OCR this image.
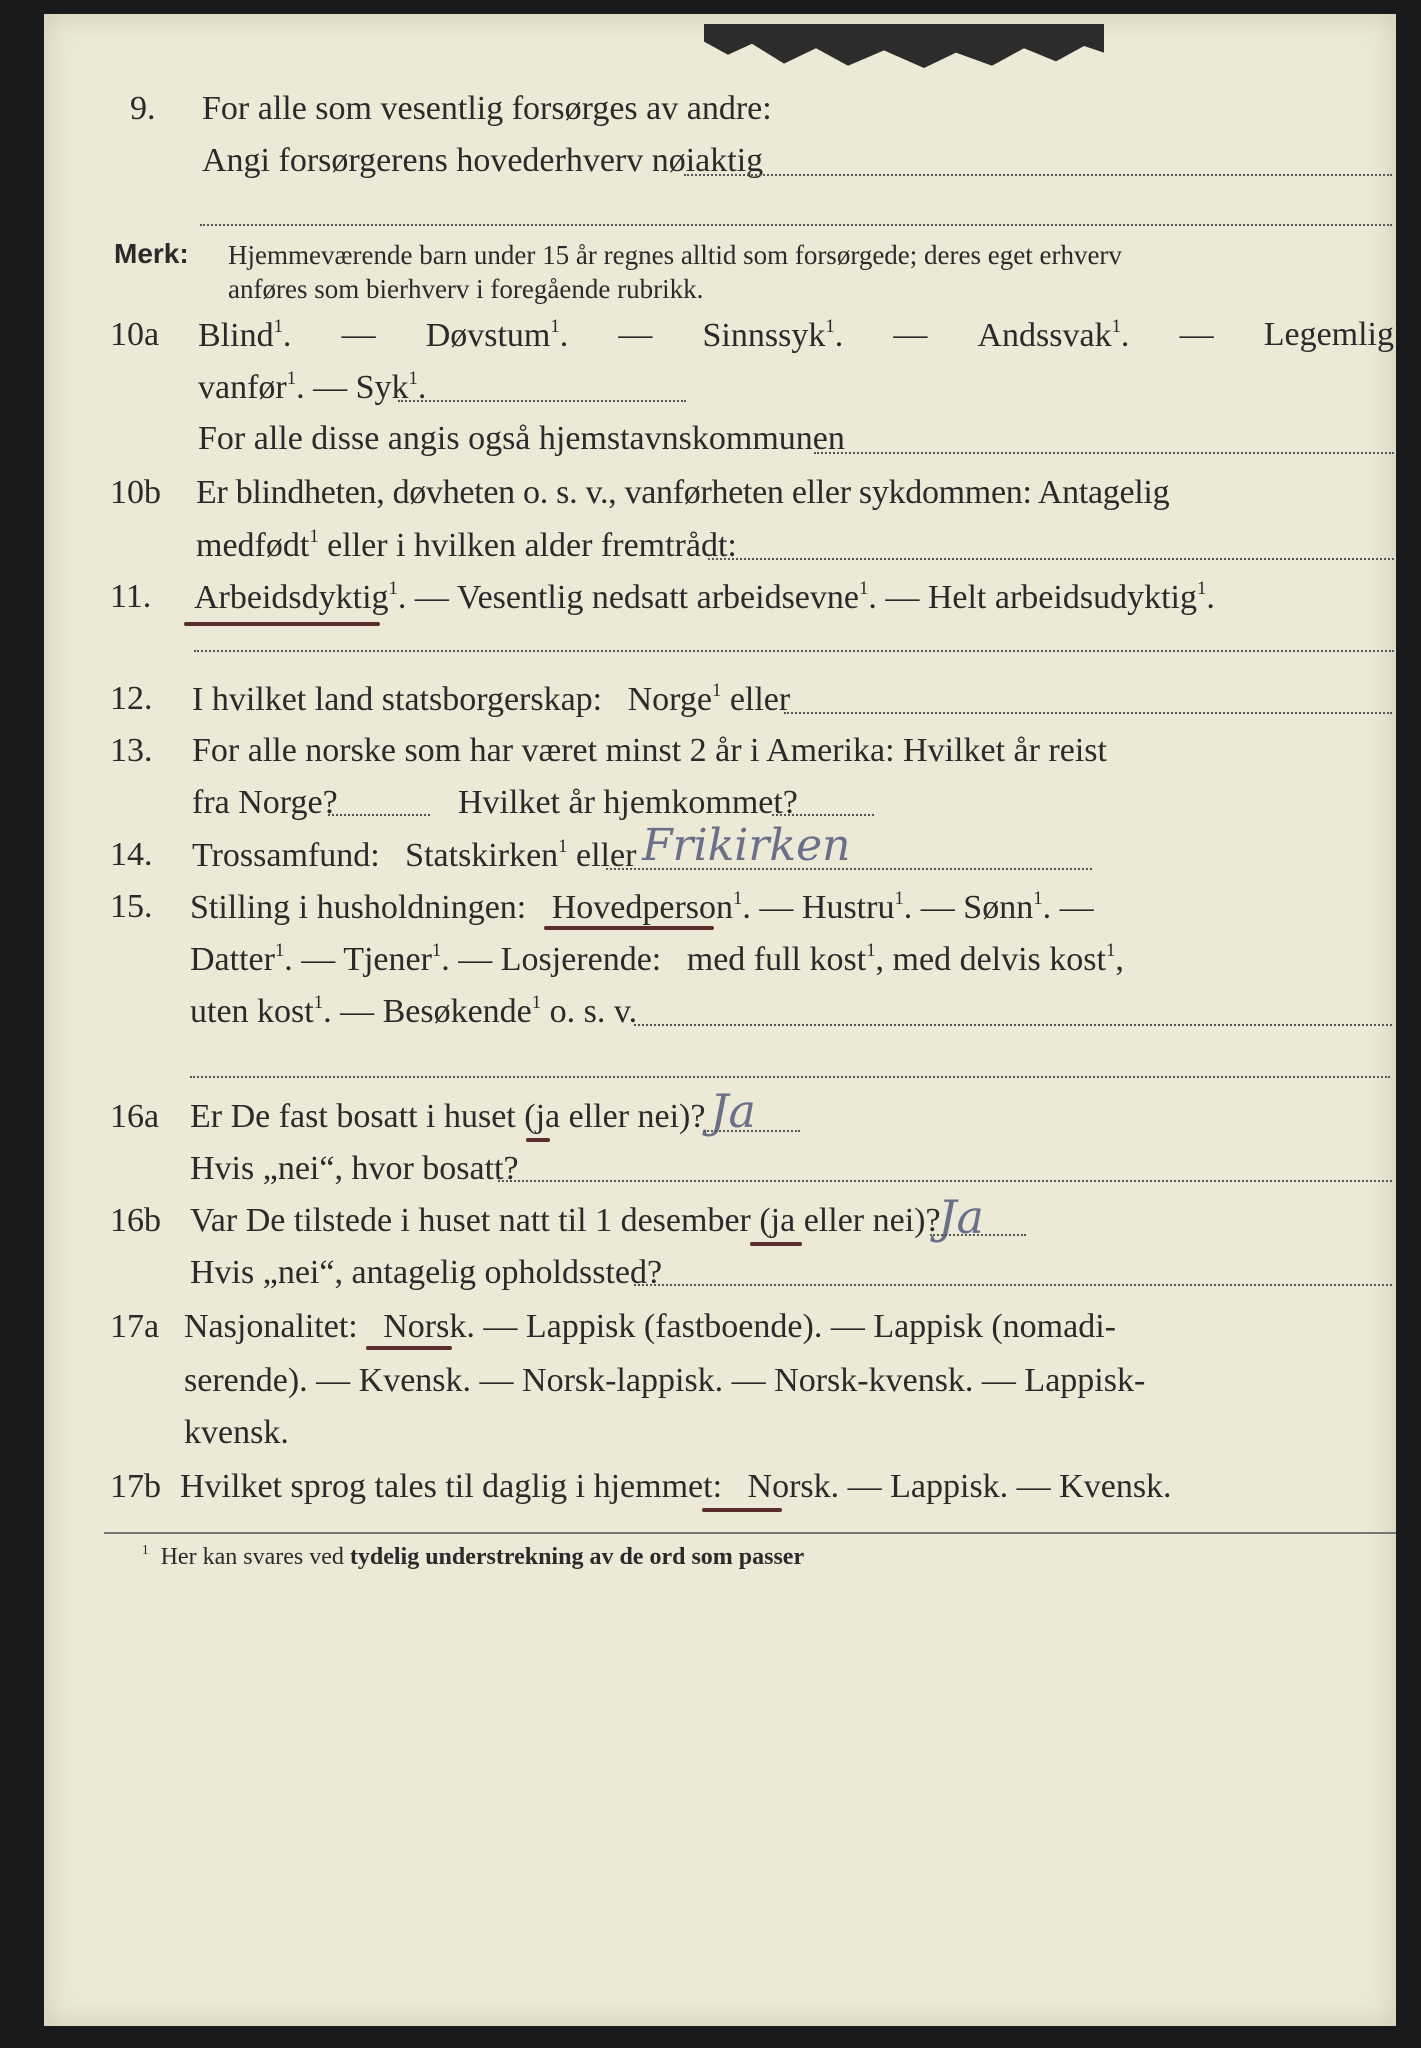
9. For alle som vesentlig forsørges av andre:
Angi forsørgerens hovederhverv nøiaktig
Merk: Hjemmeværende barn under 15 år regnes alltid som forsørgede; deres eget erhverv
anføres som bierhverv i foregående rubrikk.
10a Blind$^1$. — Døvstum$^1$. — Sinnssyk$^1$. — Andssvak$^1$. — Legemlig
vanfør$^1$. — Syk$^1$.
For alle disse angis også hjemstavnskommunen
10b Er blindheten, døvheten o. s. v., vanførheten eller sykdommen: Antagelig
medfødt$^1$ eller i hvilken alder fremtrådt:
11. Arbeidsdyktig$^1$. — Vesentlig nedsatt arbeidsevne$^1$. — Helt arbeidsudyktig$^1$.
12. I hvilket land statsborgerskap: Norge$^1$ eller
13. For alle norske som har været minst 2 år i Amerika: Hvilket år reist
fra Norge?	Hvilket år hjemkommet?
14. Trossamfund: Statskirken$^1$ eller Frikirken
15. Stilling i husholdningen: Hovedperson$^1$. — Hustru$^1$. — Sønn$^1$. —
Datter$^1$. — Tjener$^1$. — Losjerende: med full kost$^1$, med delvis kost$^1$,
uten kost$^1$. — Besøkende$^1$ o. s. v.
16a Er De fast bosatt i huset (ja eller nei)? Ja
Hvis „nei“, hvor bosatt?
16b Var De tilstede i huset natt til 1 desember (ja eller nei)?
Ja
Hvis „nei“, antagelig opholdssted?
17a Nasjonalitet: Norsk. — Lappisk (fastboende). — Lappisk (nomadi-
serende). — Kvensk. — Norsk-lappisk. — Norsk-kvensk. — Lappisk-
kvensk.
17b Hvilket sprog tales til daglig i hjemmet: Norsk. — Lappisk. — Kvensk.
$^1$ Her kan svares ved tydelig understrekning av de ord som passer
